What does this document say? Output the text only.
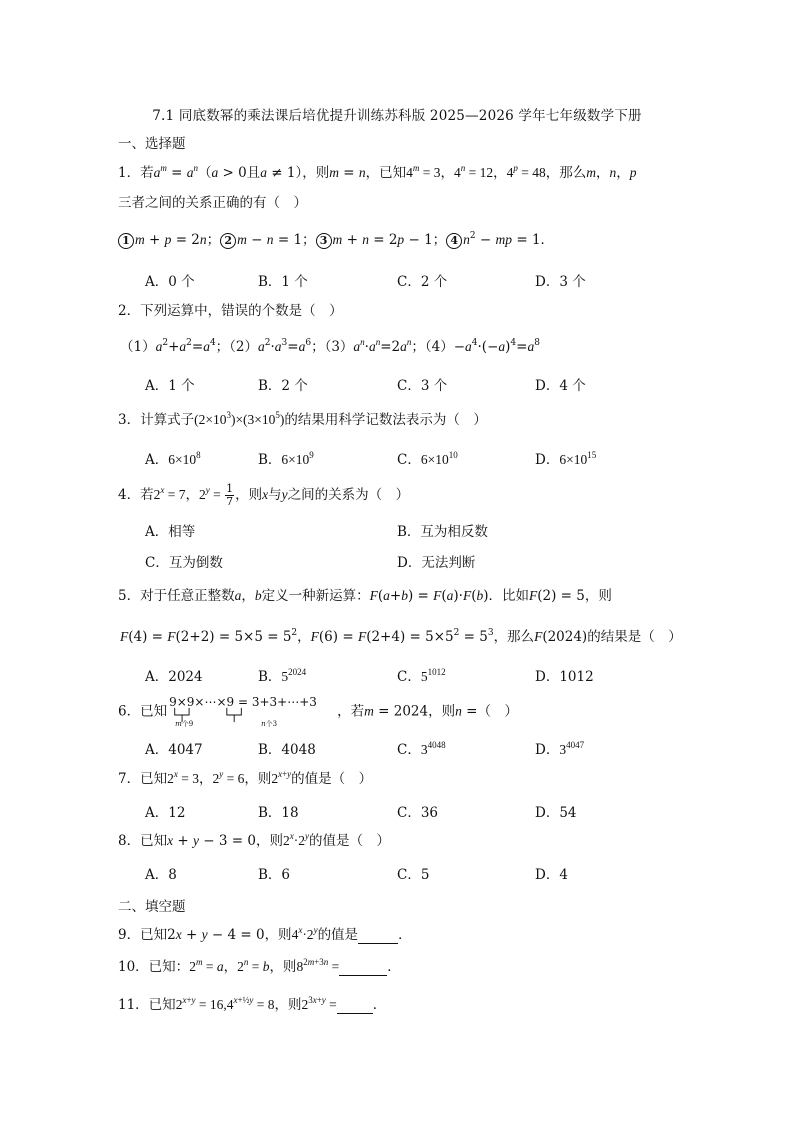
7.1 同底数幂的乘法课后培优提升训练苏科版 2025—2026 学年七年级数学下册
一、选择题
1．若$a^m = a^n(a > 0$且a ≠ 1），则m = n，已知$4^m = 3$，$4^n = 12$，$4^p = 48$，那么m，n，p
三者之间的关系正确的有（　）
1 m + p = 2n； 2 m − n = 1； 3 m + n = 2p − 1； 4 $n^2$ − mp = 1．
A．0 个	B．1 个	C．2 个	D．3 个
2．下列运算中，错误的个数是（　）
$(1)a^2+a^2=a^4$；$(2)a^2\cdot a^3=a^6$；$(3)a^n\cdot a^n=2a^n$；$(4)-a^4\cdot(-a)^4=a^8$
A．1 个	B．2 个	C．3 个	D．4 个
3．计算式子$(2\times 10^3)\times(3\times 10^5)$的结果用科学记数法表示为（　）
A．$6\times 10^8$	B．$6\times 10^9$	C．$6\times 10^{10}$	D．$6\times 10^{15}$
4．若$2^x = 7$，$2^y = \frac{1}{7}$ ，则x与y之间的关系为（　）
A．相等	B．互为相反数
C．互为倒数	D．无法判断
5．对于任意正整数a，b定义一种新运算：F(a+b) = F(a)·F(b)．比如F(2) = 5，则
$F(4) = F(2+2) = 5\times 5 = 5^2$，$F(6) = F(2+4) = 5\times 5^2 = 5^3$，那么F(2024)的结果是（　）
A．2024	B．$5^{2024}$	C．$5^{1012}$	D．1012
6．已知
9×9×⋯×9 = 3+3+⋯+3
└┬┘        └┬┘
m个9	n个3
，若m = 2024，则n =（　）
A．4047	B．4048	C．$3^{4048}$	D．$3^{4047}$
7．已知$2^x = 3$，$2^y = 6$，则$2^{x+y}$的值是（　）
A．12	B．18	C．36	D．54
8．已知x + y − 3 = 0，则$2^x\cdot 2^y$的值是（　）
A．8	B．6	C．5	D．4
二、填空题
9．已知2x + y − 4 = 0，则$4^x\cdot 2^y$的值是	．
10．已知：$2^m = a$，$2^n = b$，则$8^{2m+3n}$ =	．
11．已知$2^{x+y} = 16,4^{x+\frac{1}{2}y} = 8$，则$2^{3x+y}$ =	．
